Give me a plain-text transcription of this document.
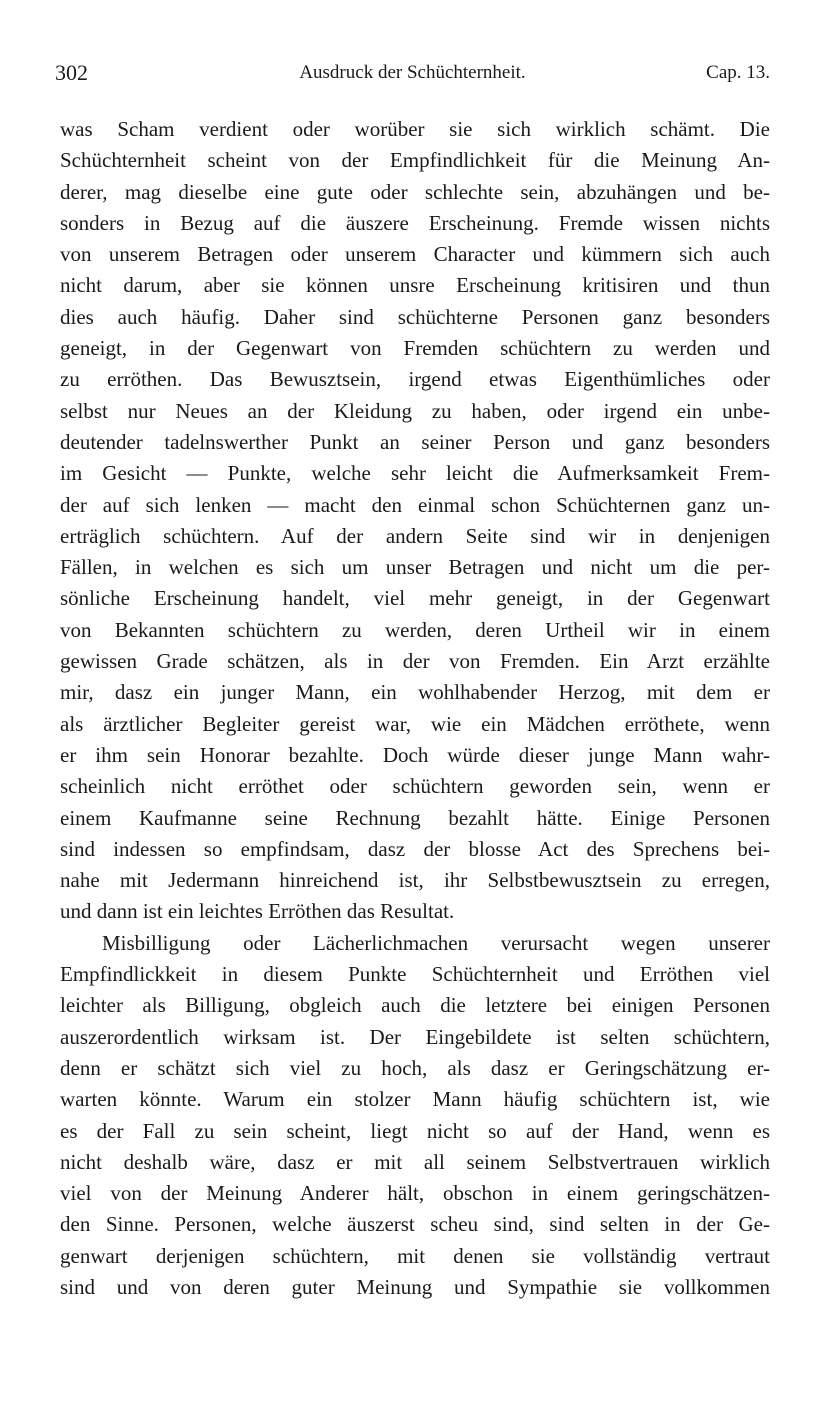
302	Ausdruck der Schüchternheit.	Cap. 13.
was Scham verdient oder worüber sie sich wirklich schämt. Die
Schüchternheit scheint von der Empfindlichkeit für die Meinung An-
derer, mag dieselbe eine gute oder schlechte sein, abzuhängen und be-
sonders in Bezug auf die äuszere Erscheinung. Fremde wissen nichts
von unserem Betragen oder unserem Character und kümmern sich auch
nicht darum, aber sie können unsre Erscheinung kritisiren und thun
dies auch häufig. Daher sind schüchterne Personen ganz besonders
geneigt, in der Gegenwart von Fremden schüchtern zu werden und
zu erröthen. Das Bewusztsein, irgend etwas Eigenthümliches oder
selbst nur Neues an der Kleidung zu haben, oder irgend ein unbe-
deutender tadelnswerther Punkt an seiner Person und ganz besonders
im Gesicht — Punkte, welche sehr leicht die Aufmerksamkeit Frem-
der auf sich lenken — macht den einmal schon Schüchternen ganz un-
erträglich schüchtern. Auf der andern Seite sind wir in denjenigen
Fällen, in welchen es sich um unser Betragen und nicht um die per-
sönliche Erscheinung handelt, viel mehr geneigt, in der Gegenwart
von Bekannten schüchtern zu werden, deren Urtheil wir in einem
gewissen Grade schätzen, als in der von Fremden. Ein Arzt erzählte
mir, dasz ein junger Mann, ein wohlhabender Herzog, mit dem er
als ärztlicher Begleiter gereist war, wie ein Mädchen erröthete, wenn
er ihm sein Honorar bezahlte. Doch würde dieser junge Mann wahr-
scheinlich nicht erröthet oder schüchtern geworden sein, wenn er
einem Kaufmanne seine Rechnung bezahlt hätte. Einige Personen
sind indessen so empfindsam, dasz der blosse Act des Sprechens bei-
nahe mit Jedermann hinreichend ist, ihr Selbstbewusztsein zu erregen,
und dann ist ein leichtes Erröthen das Resultat.
Misbilligung oder Lächerlichmachen verursacht wegen unserer
Empfindlickkeit in diesem Punkte Schüchternheit und Erröthen viel
leichter als Billigung, obgleich auch die letztere bei einigen Personen
auszerordentlich wirksam ist. Der Eingebildete ist selten schüchtern,
denn er schätzt sich viel zu hoch, als dasz er Geringschätzung er-
warten könnte. Warum ein stolzer Mann häufig schüchtern ist, wie
es der Fall zu sein scheint, liegt nicht so auf der Hand, wenn es
nicht deshalb wäre, dasz er mit all seinem Selbstvertrauen wirklich
viel von der Meinung Anderer hält, obschon in einem geringschätzen-
den Sinne. Personen, welche äuszerst scheu sind, sind selten in der Ge-
genwart derjenigen schüchtern, mit denen sie vollständig vertraut
sind und von deren guter Meinung und Sympathie sie vollkommen
